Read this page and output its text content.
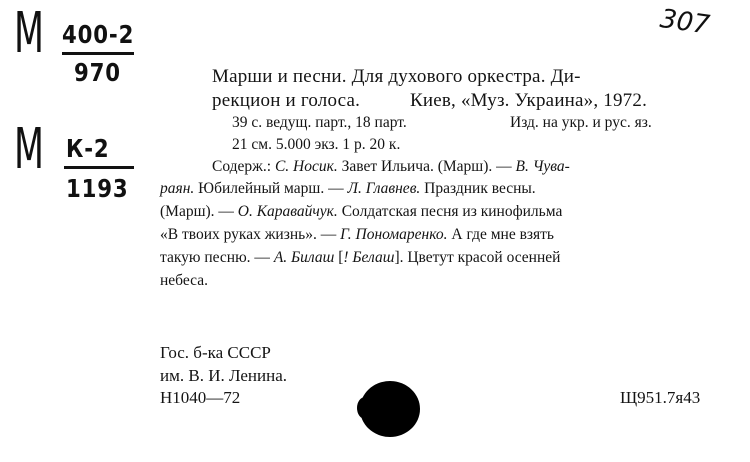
М 400-2
970
М К-2
1193
307
Марши и песни. Для духового оркестра. Ди-
рекцион и голоса.	Киев, «Муз. Украина», 1972.
39 с. ведущ. парт., 18 парт.	Изд. на укр. и рус. яз.
21 см. 5.000 экз. 1 р. 20 к.
Содерж.: С. Носик. Завет Ильича. (Марш). — В. Чува-
раян. Юбилейный марш. — Л. Главнев. Праздник весны.
(Марш). — О. Каравайчук. Солдатская песня из кинофильма
«В твоих руках жизнь». — Г. Пономаренко. А где мне взять
такую песню. — А. Билаш [! Белаш]. Цветут красой осенней
небеса.
Гос. б-ка СССР
им. В. И. Ленина.
Н1040—72	Щ951.7я43
